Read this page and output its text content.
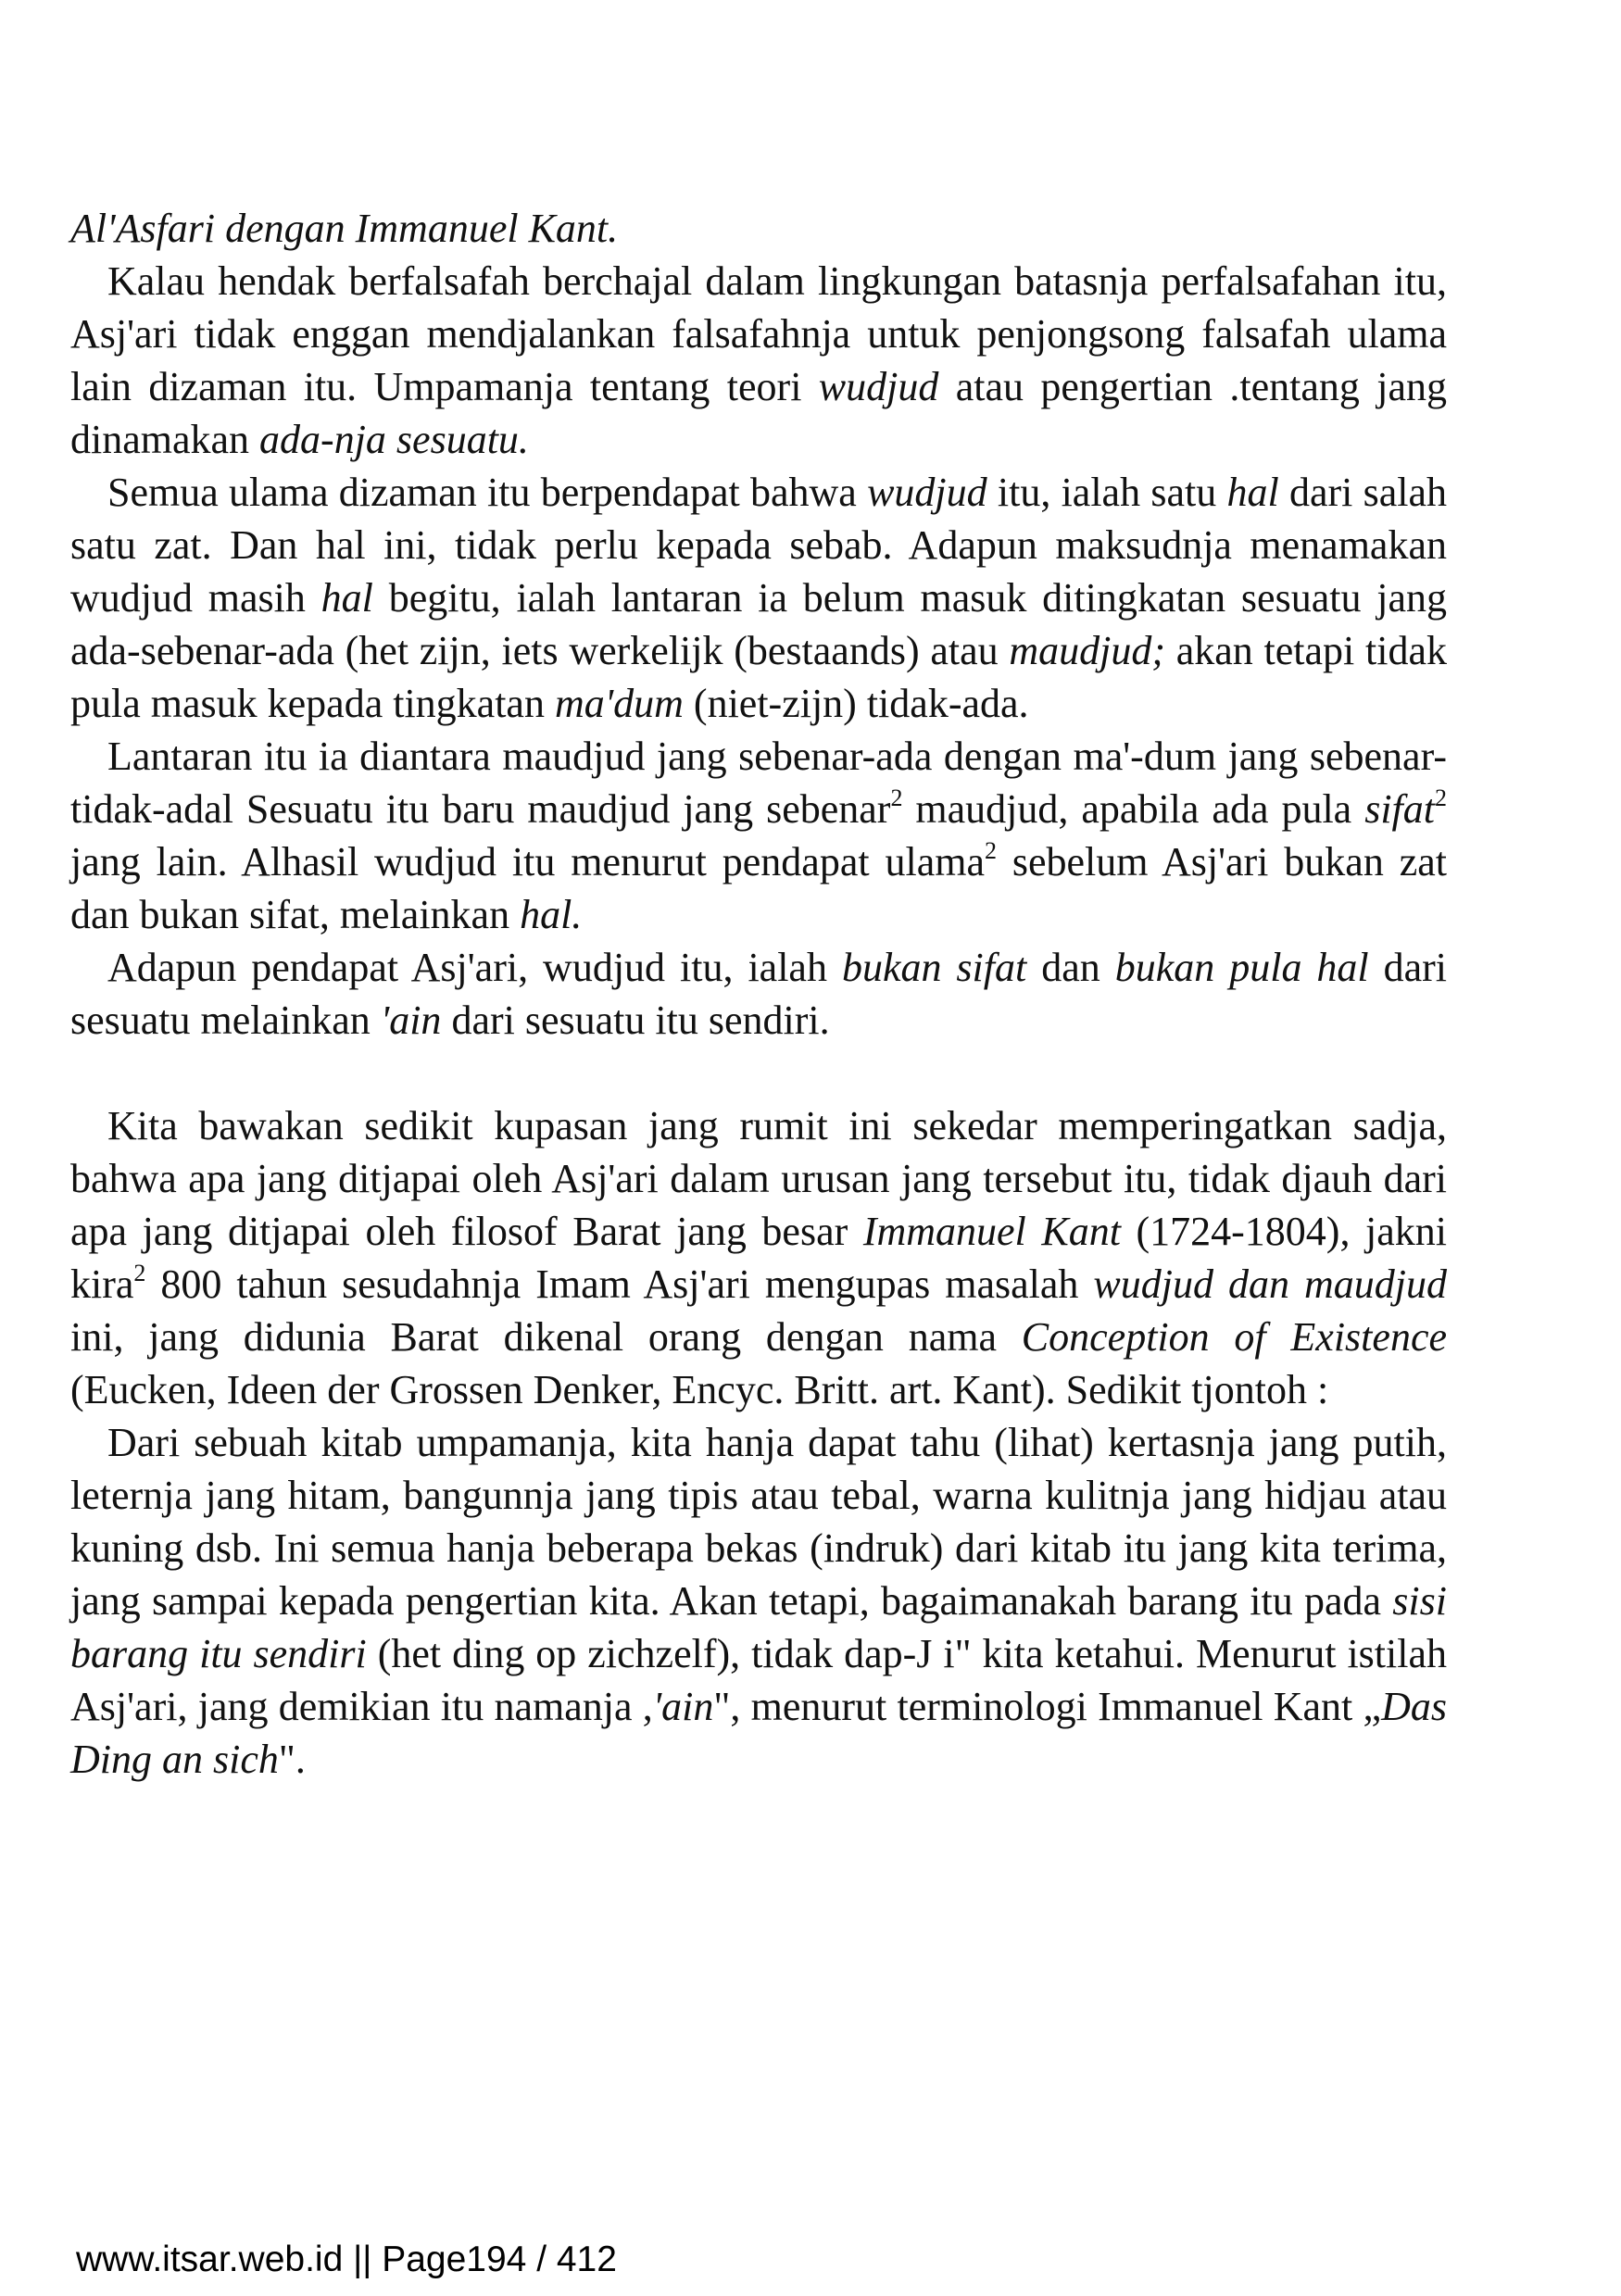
Al'Asfari dengan Immanuel Kant.

Kalau hendak berfalsafah berchajal dalam lingkungan batasnja perfalsafahan itu, Asj'ari tidak enggan mendjalankan falsafahnja untuk penjongsong falsafah ulama lain dizaman itu. Umpamanja tentang teori wudjud atau pengertian .tentang jang dinamakan ada-nja sesuatu.

Semua ulama dizaman itu berpendapat bahwa wudjud itu, ialah satu hal dari salah satu zat. Dan hal ini, tidak perlu kepada sebab. Adapun maksudnja menamakan wudjud masih hal begitu, ialah lantaran ia belum masuk ditingkatan sesuatu jang ada-sebenar-ada (het zijn, iets werkelijk (bestaands) atau maudjud; akan tetapi tidak pula masuk kepada tingkatan ma'dum (niet-zijn) tidak-ada.

Lantaran itu ia diantara maudjud jang sebenar-ada dengan ma'-dum jang sebenar-tidak-adal Sesuatu itu baru maudjud jang sebenar$^2$ maudjud, apabila ada pula sifat$^2$ jang lain. Alhasil wudjud itu menurut pendapat ulama$^2$ sebelum Asj'ari bukan zat dan bukan sifat, melainkan hal.

Adapun pendapat Asj'ari, wudjud itu, ialah bukan sifat dan bukan pula hal dari sesuatu melainkan 'ain dari sesuatu itu sendiri.

Kita bawakan sedikit kupasan jang rumit ini sekedar memperingatkan sadja, bahwa apa jang ditjapai oleh Asj'ari dalam urusan jang tersebut itu, tidak djauh dari apa jang ditjapai oleh filosof Barat jang besar Immanuel Kant (1724-1804), jakni kira$^2$ 800 tahun sesudahnja Imam Asj'ari mengupas masalah wudjud dan maudjud ini, jang didunia Barat dikenal orang dengan nama Conception of Existence (Eucken, Ideen der Grossen Denker, Encyc. Britt. art. Kant). Sedikit tjontoh :

Dari sebuah kitab umpamanja, kita hanja dapat tahu (lihat) kertasnja jang putih, leternja jang hitam, bangunnja jang tipis atau tebal, warna kulitnja jang hidjau atau kuning dsb. Ini semua hanja beberapa bekas (indruk) dari kitab itu jang kita terima, jang sampai kepada pengertian kita. Akan tetapi, bagaimanakah barang itu pada sisi barang itu sendiri (het ding op zichzelf), tidak dap-J i" kita ketahui. Menurut istilah Asj'ari, jang demikian itu namanja ,'ain", menurut terminologi Immanuel Kant „Das Ding an sich".

www.itsar.web.id || Page194 / 412
